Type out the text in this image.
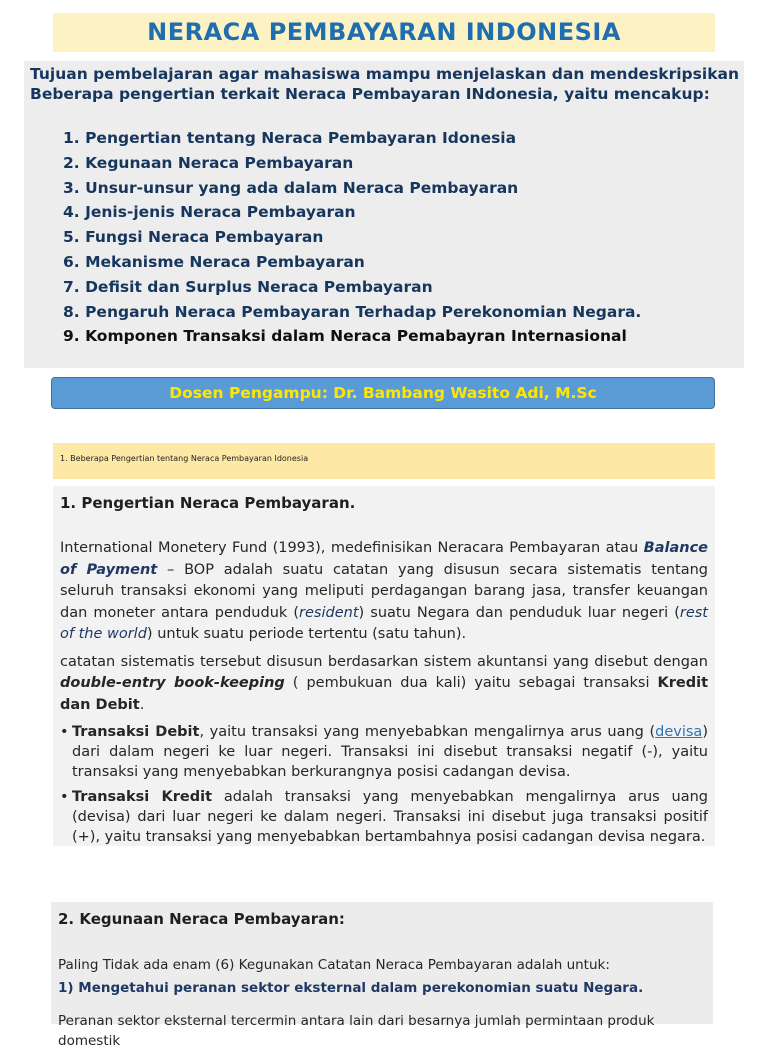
NERACA PEMBAYARAN INDONESIA

Tujuan pembelajaran agar mahasiswa mampu menjelaskan dan mendeskripsikan Beberapa pengertian terkait Neraca Pembayaran INdonesia, yaitu mencakup:

1. Pengertian tentang Neraca Pembayaran Idonesia
2. Kegunaan Neraca Pembayaran
3. Unsur-unsur yang ada dalam Neraca Pembayaran
4. Jenis-jenis Neraca Pembayaran
5. Fungsi Neraca Pembayaran
6. Mekanisme Neraca Pembayaran
7. Defisit dan Surplus Neraca Pembayaran
8. Pengaruh Neraca Pembayaran Terhadap Perekonomian Negara.
9. Komponen Transaksi dalam Neraca Pemabayran Internasional
Dosen Pengampu: Dr. Bambang Wasito Adi, M.Sc
1. Beberapa Pengertian tentang Neraca Pembayaran Idonesia
1. Pengertian Neraca Pembayaran.

International Monetery Fund (1993), medefinisikan Neracara Pembayaran atau Balance of Payment – BOP adalah suatu catatan yang disusun secara sistematis tentang seluruh transaksi ekonomi yang meliputi perdagangan barang jasa, transfer keuangan dan moneter antara penduduk (resident) suatu Negara dan penduduk luar negeri (rest of the world) untuk suatu periode tertentu (satu tahun).

catatan sistematis tersebut disusun berdasarkan sistem akuntansi yang disebut dengan double-entry book-keeping ( pembukuan dua kali) yaitu sebagai transaksi Kredit dan Debit.

• Transaksi Debit, yaitu transaksi yang menyebabkan mengalirnya arus uang (devisa) dari dalam negeri ke luar negeri. Transaksi ini disebut transaksi negatif (-), yaitu transaksi yang menyebabkan berkurangnya posisi cadangan devisa.
• Transaksi Kredit adalah transaksi yang menyebabkan mengalirnya arus uang (devisa) dari luar negeri ke dalam negeri. Transaksi ini disebut juga transaksi positif (+), yaitu transaksi yang menyebabkan bertambahnya posisi cadangan devisa negara.
2. Kegunaan Neraca Pembayaran:

Paling Tidak ada enam (6) Kegunakan Catatan Neraca Pembayaran adalah untuk:

1) Mengetahui peranan sektor eksternal dalam perekonomian suatu Negara.

Peranan sektor eksternal tercermin antara lain dari besarnya jumlah permintaan produk domestik
